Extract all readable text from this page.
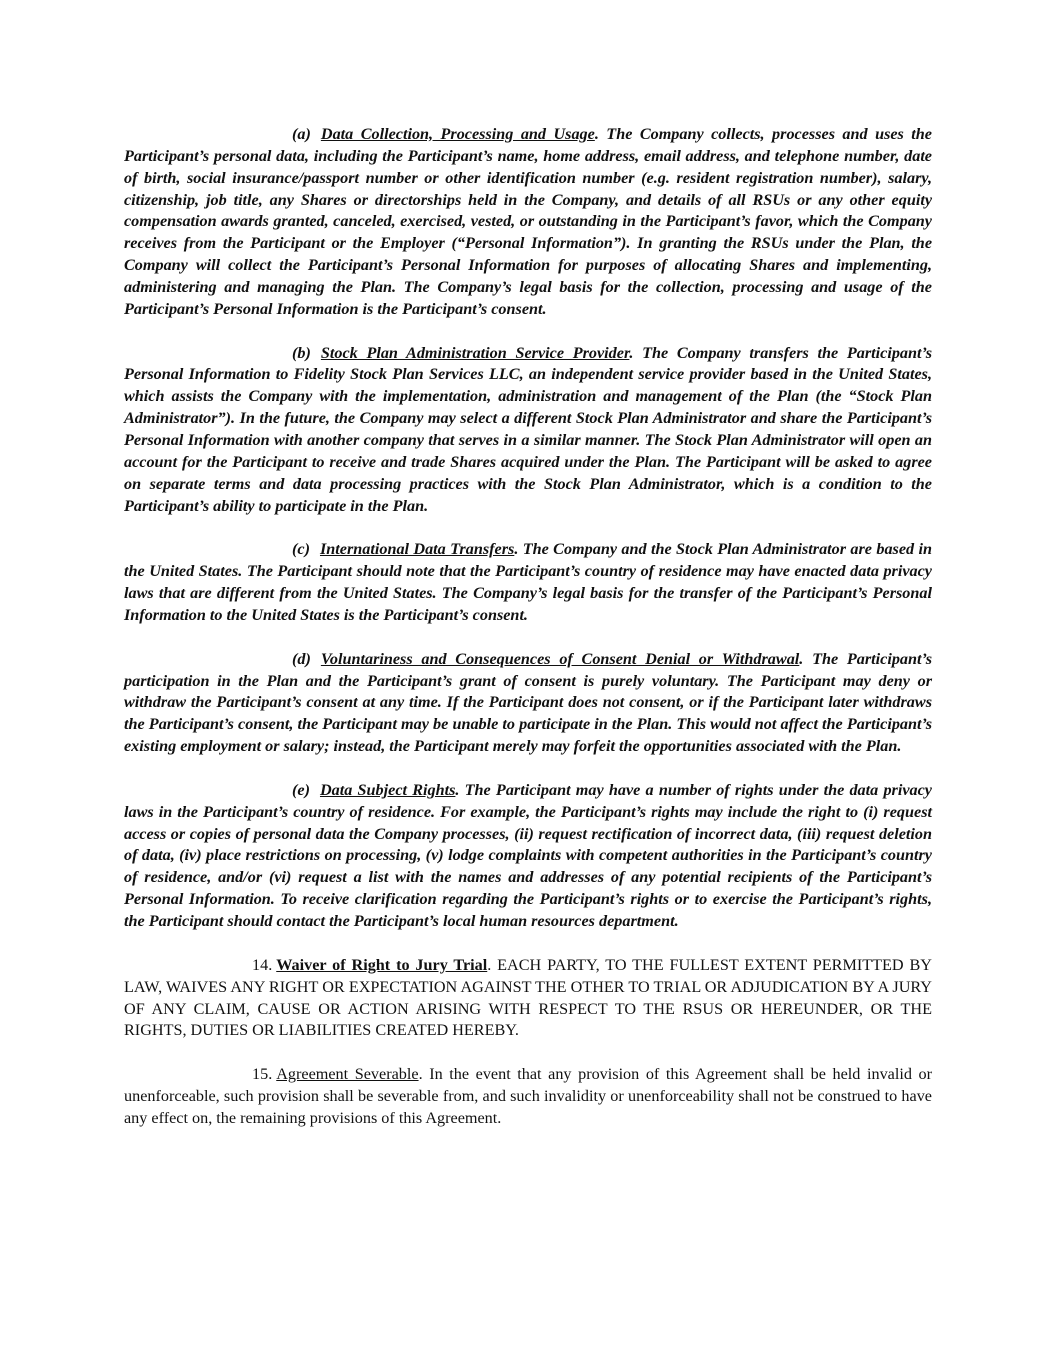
(a) Data Collection, Processing and Usage. The Company collects, processes and uses the Participant’s personal data, including the Participant’s name, home address, email address, and telephone number, date of birth, social insurance/passport number or other identification number (e.g. resident registration number), salary, citizenship, job title, any Shares or directorships held in the Company, and details of all RSUs or any other equity compensation awards granted, canceled, exercised, vested, or outstanding in the Participant’s favor, which the Company receives from the Participant or the Employer (“Personal Information”). In granting the RSUs under the Plan, the Company will collect the Participant’s Personal Information for purposes of allocating Shares and implementing, administering and managing the Plan. The Company’s legal basis for the collection, processing and usage of the Participant’s Personal Information is the Participant’s consent.

(b) Stock Plan Administration Service Provider. The Company transfers the Participant’s Personal Information to Fidelity Stock Plan Services LLC, an independent service provider based in the United States, which assists the Company with the implementation, administration and management of the Plan (the “Stock Plan Administrator”). In the future, the Company may select a different Stock Plan Administrator and share the Participant’s Personal Information with another company that serves in a similar manner. The Stock Plan Administrator will open an account for the Participant to receive and trade Shares acquired under the Plan. The Participant will be asked to agree on separate terms and data processing practices with the Stock Plan Administrator, which is a condition to the Participant’s ability to participate in the Plan.

(c) International Data Transfers. The Company and the Stock Plan Administrator are based in the United States. The Participant should note that the Participant’s country of residence may have enacted data privacy laws that are different from the United States. The Company’s legal basis for the transfer of the Participant’s Personal Information to the United States is the Participant’s consent.

(d) Voluntariness and Consequences of Consent Denial or Withdrawal. The Participant’s participation in the Plan and the Participant’s grant of consent is purely voluntary. The Participant may deny or withdraw the Participant’s consent at any time. If the Participant does not consent, or if the Participant later withdraws the Participant’s consent, the Participant may be unable to participate in the Plan. This would not affect the Participant’s existing employment or salary; instead, the Participant merely may forfeit the opportunities associated with the Plan.

(e) Data Subject Rights. The Participant may have a number of rights under the data privacy laws in the Participant’s country of residence. For example, the Participant’s rights may include the right to (i) request access or copies of personal data the Company processes, (ii) request rectification of incorrect data, (iii) request deletion of data, (iv) place restrictions on processing, (v) lodge complaints with competent authorities in the Participant’s country of residence, and/or (vi) request a list with the names and addresses of any potential recipients of the Participant’s Personal Information. To receive clarification regarding the Participant’s rights or to exercise the Participant’s rights, the Participant should contact the Participant’s local human resources department.

14. Waiver of Right to Jury Trial. EACH PARTY, TO THE FULLEST EXTENT PERMITTED BY LAW, WAIVES ANY RIGHT OR EXPECTATION AGAINST THE OTHER TO TRIAL OR ADJUDICATION BY A JURY OF ANY CLAIM, CAUSE OR ACTION ARISING WITH RESPECT TO THE RSUS OR HEREUNDER, OR THE RIGHTS, DUTIES OR LIABILITIES CREATED HEREBY.

15. Agreement Severable. In the event that any provision of this Agreement shall be held invalid or unenforceable, such provision shall be severable from, and such invalidity or unenforceability shall not be construed to have any effect on, the remaining provisions of this Agreement.
